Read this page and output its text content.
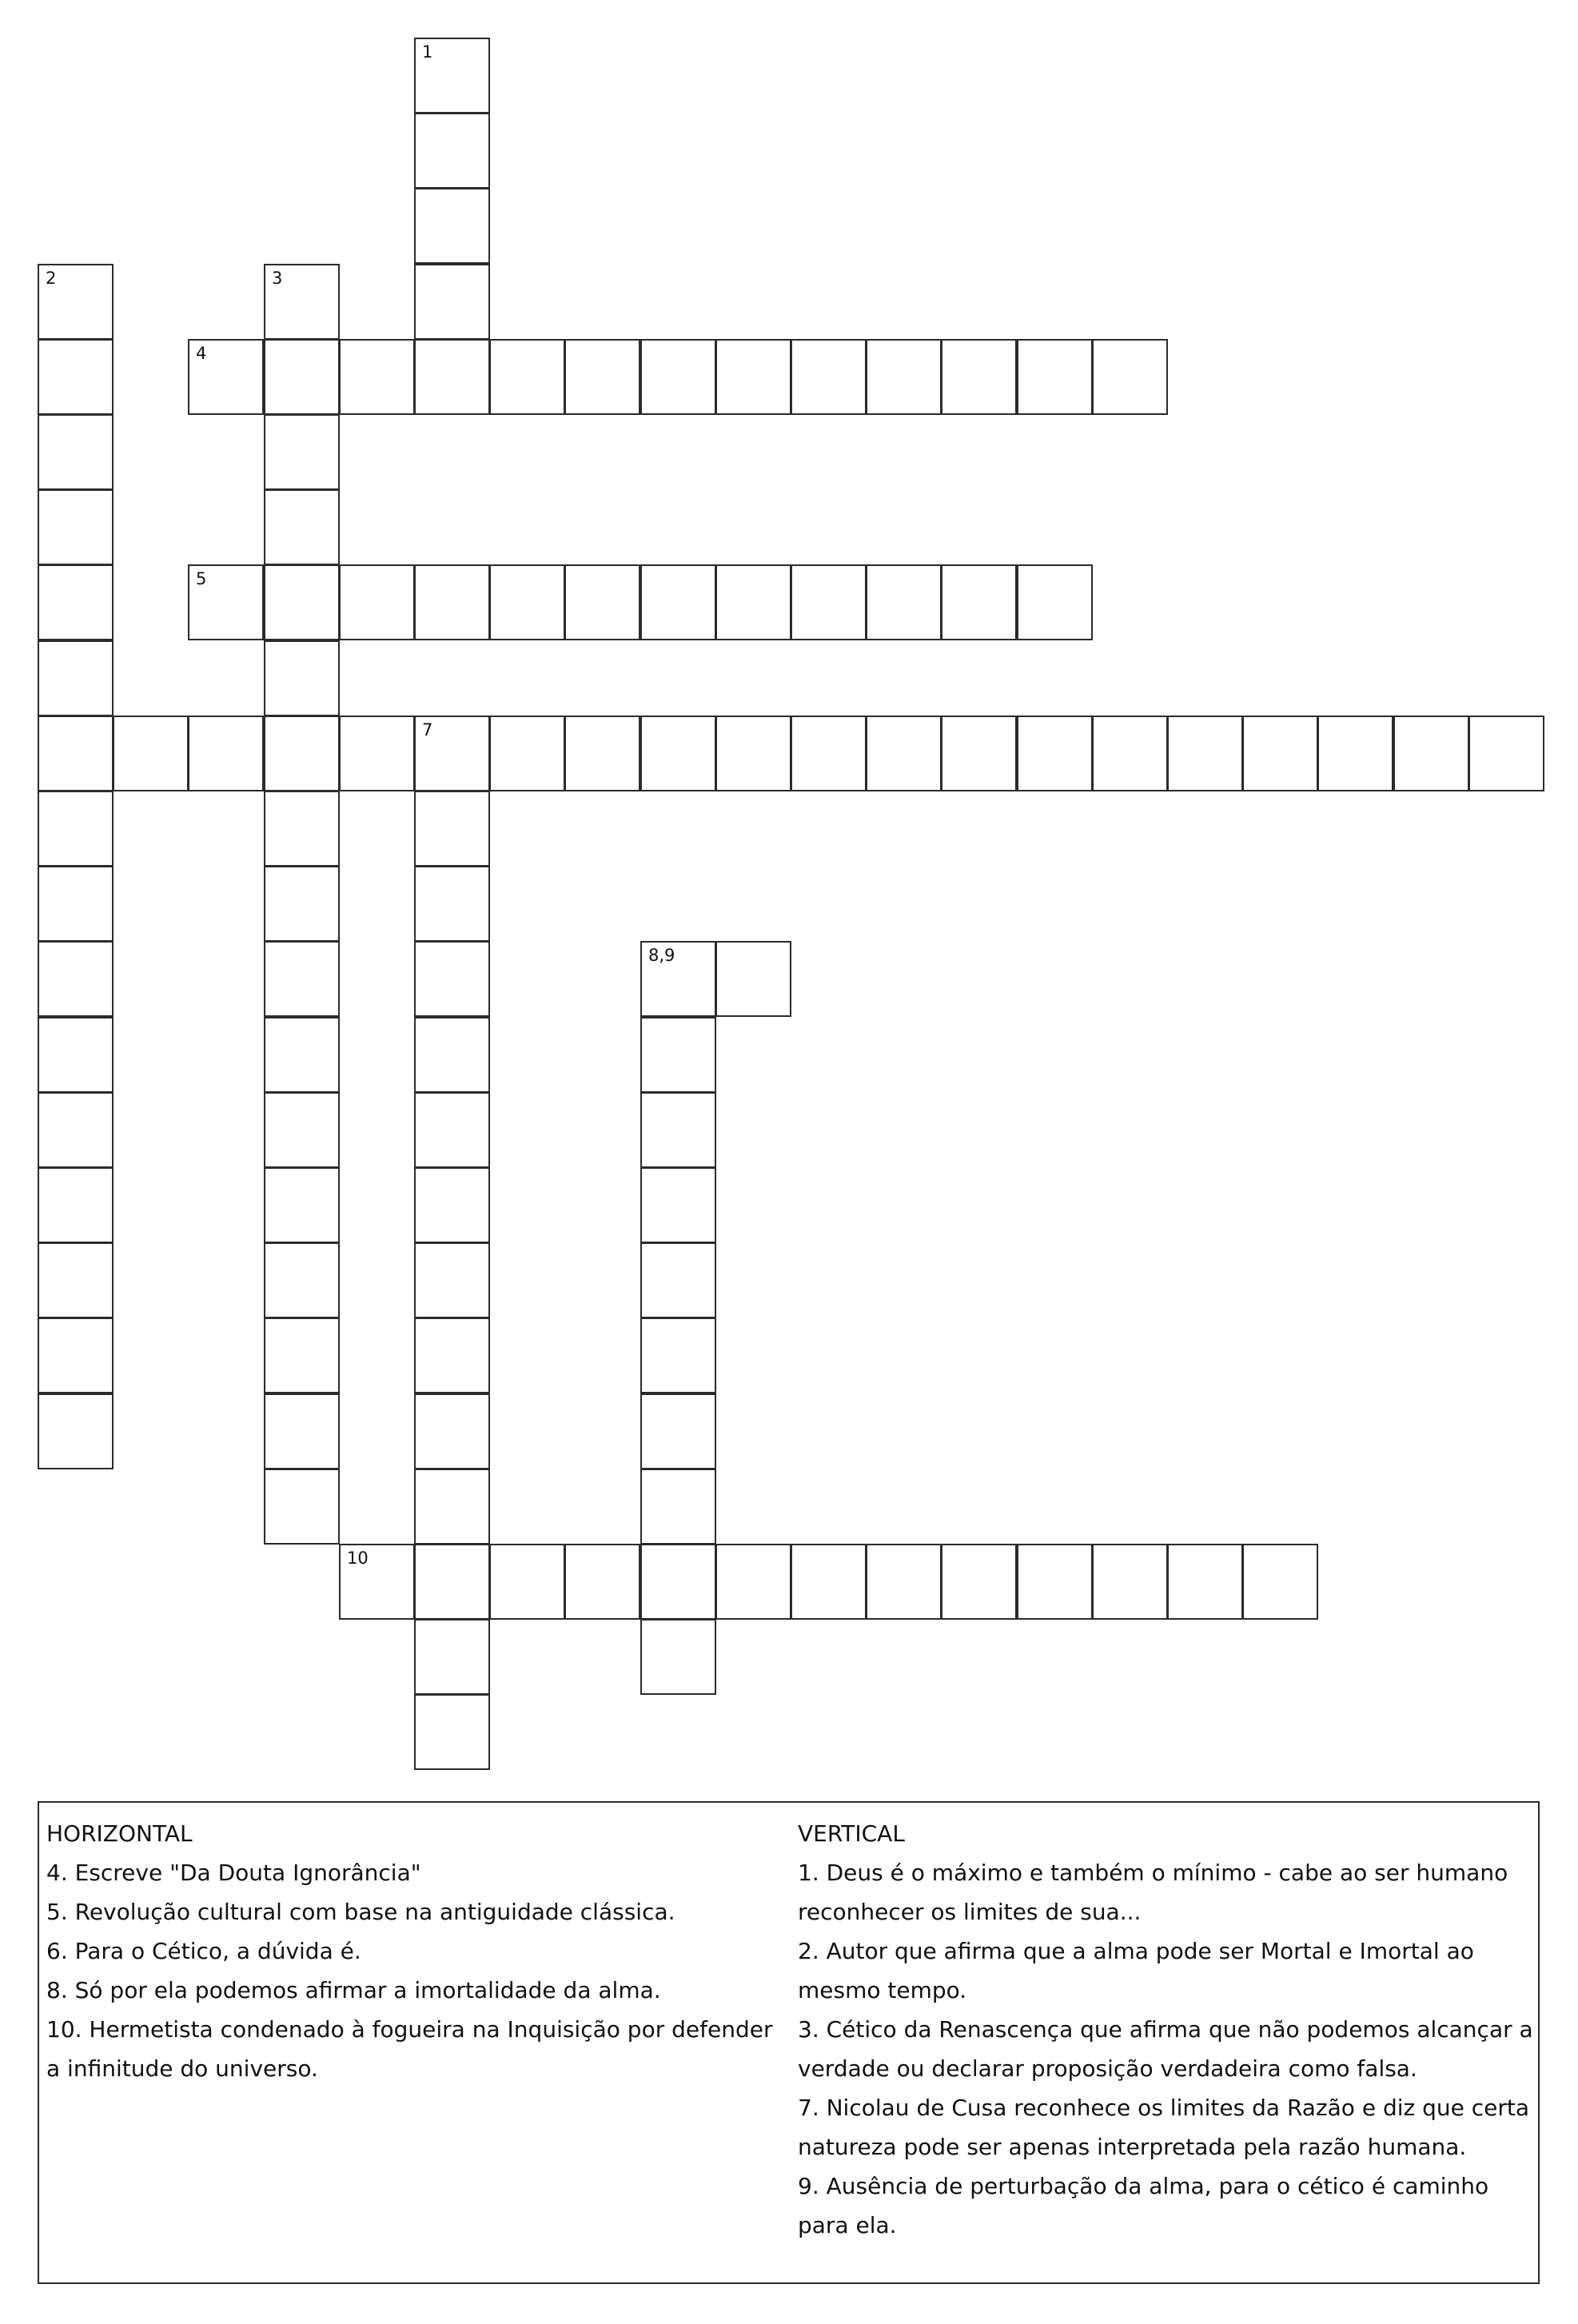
1
2	3
4
5
7
8,9
10

HORIZONTAL

4. Escreve "Da Douta Ignorância"

5. Revolução cultural com base na antiguidade clássica.

6. Para o Cético, a dúvida é.

8. Só por ela podemos afirmar a imortalidade da alma.

10. Hermetista condenado à fogueira na Inquisição por defender a infinitude do universo.

VERTICAL

1. Deus é o máximo e também o mínimo - cabe ao ser humano reconhecer os limites de sua...

2. Autor que afirma que a alma pode ser Mortal e Imortal ao mesmo tempo.

3. Cético da Renascença que afirma que não podemos alcançar a verdade ou declarar proposição verdadeira como falsa.

7. Nicolau de Cusa reconhece os limites da Razão e diz que certa natureza pode ser apenas interpretada pela razão humana.

9. Ausência de perturbação da alma, para o cético é caminho para ela.
